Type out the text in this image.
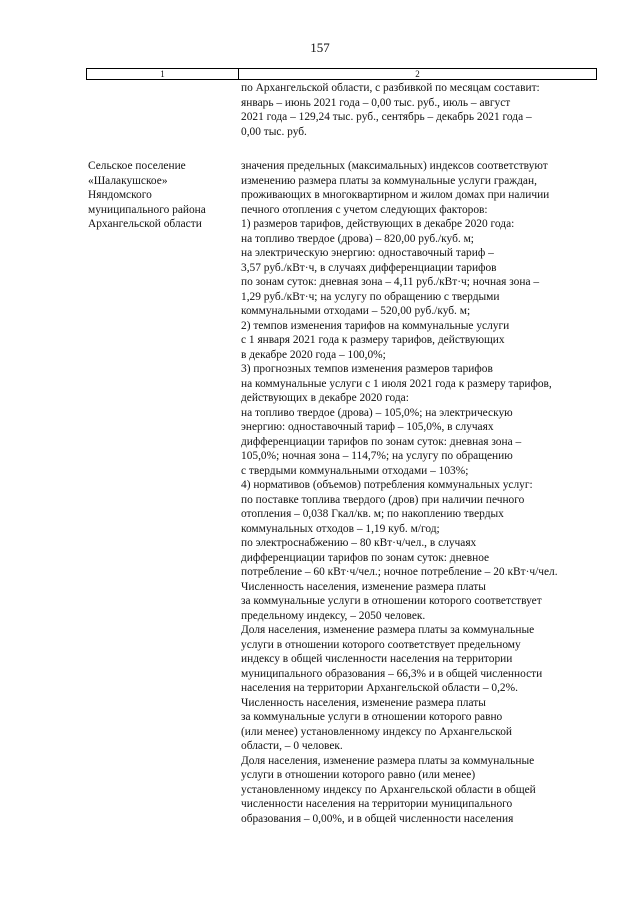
157
1	2
по Архангельской области, с разбивкой по месяцам составит:
январь – июнь 2021 года – 0,00 тыс. руб., июль – август
2021 года – 129,24 тыс. руб., сентябрь – декабрь 2021 года –
0,00 тыс. руб.
Сельское поселение
«Шалакушское»
Няндомского
муниципального района
Архангельской области
значения предельных (максимальных) индексов соответствуют
изменению размера платы за коммунальные услуги граждан,
проживающих в многоквартирном и жилом домах при наличии
печного отопления с учетом следующих факторов:
1) размеров тарифов, действующих в декабре 2020 года:
на топливо твердое (дрова) – 820,00 руб./куб. м;
на электрическую энергию: одноставочный тариф –
3,57 руб./кВт·ч, в случаях дифференциации тарифов
по зонам суток: дневная зона – 4,11 руб./кВт·ч; ночная зона –
1,29 руб./кВт·ч; на услугу по обращению с твердыми
коммунальными отходами – 520,00 руб./куб. м;
2) темпов изменения тарифов на коммунальные услуги
с 1 января 2021 года к размеру тарифов, действующих
в декабре 2020 года – 100,0%;
3) прогнозных темпов изменения размеров тарифов
на коммунальные услуги с 1 июля 2021 года к размеру тарифов,
действующих в декабре 2020 года:
на топливо твердое (дрова) – 105,0%; на электрическую
энергию: одноставочный тариф – 105,0%, в случаях
дифференциации тарифов по зонам суток: дневная зона –
105,0%; ночная зона – 114,7%; на услугу по обращению
с твердыми коммунальными отходами – 103%;
4) нормативов (объемов) потребления коммунальных услуг:
по поставке топлива твердого (дров) при наличии печного
отопления – 0,038 Гкал/кв. м; по накоплению твердых
коммунальных отходов – 1,19 куб. м/год;
по электроснабжению – 80 кВт·ч/чел., в случаях
дифференциации тарифов по зонам суток: дневное
потребление – 60 кВт·ч/чел.; ночное потребление – 20 кВт·ч/чел.
Численность населения, изменение размера платы
за коммунальные услуги в отношении которого соответствует
предельному индексу, – 2050 человек.
Доля населения, изменение размера платы за коммунальные
услуги в отношении которого соответствует предельному
индексу в общей численности населения на территории
муниципального образования – 66,3% и в общей численности
населения на территории Архангельской области – 0,2%.
Численность населения, изменение размера платы
за коммунальные услуги в отношении которого равно
(или менее) установленному индексу по Архангельской
области, – 0 человек.
Доля населения, изменение размера платы за коммунальные
услуги в отношении которого равно (или менее)
установленному индексу по Архангельской области в общей
численности населения на территории муниципального
образования – 0,00%, и в общей численности населения
